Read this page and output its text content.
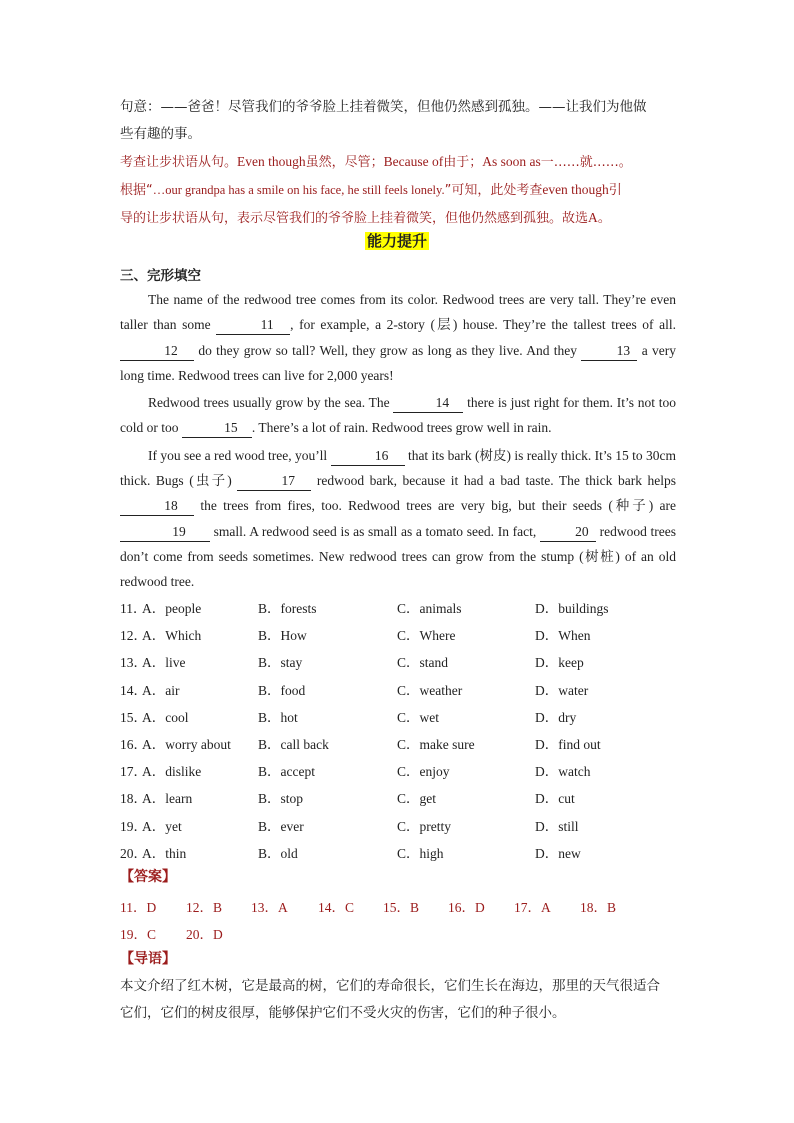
句意：——爸爸！尽管我们的爷爷脸上挂着微笑，但他仍然感到孤独。——让我们为他做
些有趣的事。
考查让步状语从句。Even though虽然，尽管；Because of由于；As soon as一……就……。
根据“…our grandpa has a smile on his face, he still feels lonely.”可知，此处考查even though引
导的让步状语从句，表示尽管我们的爷爷脸上挂着微笑，但他仍然感到孤独。故选A。
能力提升
三、完形填空

The name of the redwood tree comes from its color. Redwood trees are very tall. They’re even taller than some	11 , for example, a 2-story (层) house. They’re the tallest trees of all. 12 do they grow so tall? Well, they grow as long as they live. And they	13 a very long time. Redwood trees can live for 2,000 years!

Redwood trees usually grow by the sea. The	14 there is just right for them. It’s not too cold or too	15 . There’s a lot of rain. Redwood trees grow well in rain.

If you see a red wood tree, you’ll	16 that its bark (树皮) is really thick. It’s 15 to 30cm thick. Bugs (虫子)	17 redwood bark, because it had a bad taste. The thick bark helps 18 the trees from fires, too. Redwood trees are very big, but their seeds (种子) are 19 small. A redwood seed is as small as a tomato seed. In fact,	20 redwood trees don’t come from seeds sometimes. New redwood trees can grow from the stump (树桩) of an old redwood tree.

11．
A．people	B．forests	C．animals	D．buildings
12．
A．Which	B．How	C．Where	D．When
13．
A．live	B．stay	C．stand	D．keep
14．
A．air	B．food	C．weather	D．water
15．
A．cool	B．hot	C．wet	D．dry
16．
A．worry about B．call back	C．make sure	D．find out
17．
A．dislike	B．accept	C．enjoy	D．watch
18．
A．learn	B．stop	C．get	D．cut
19．
A．yet	B．ever	C．pretty	D．still
20．
A．thin	B．old	C．high	D．new
【答案】
11．D 12．B 13．A 14．C 15．B 16．D 17．A 18．B
19．C 20．D
【导语】
本文介绍了红木树，它是最高的树，它们的寿命很长，它们生长在海边，那里的天气很适合
它们，它们的树皮很厚，能够保护它们不受火灾的伤害，它们的种子很小。
